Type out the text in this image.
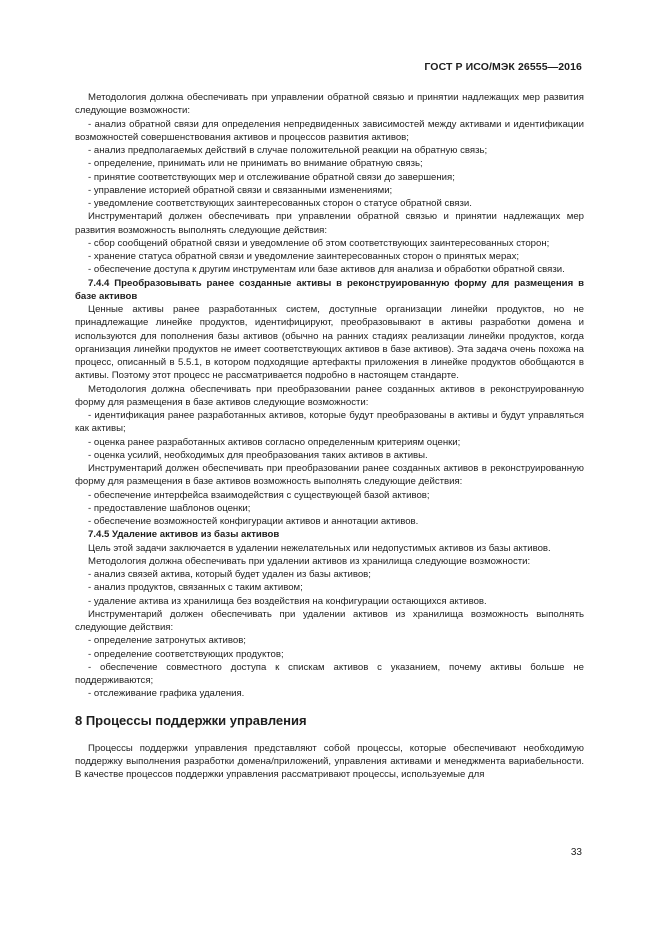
ГОСТ Р ИСО/МЭК 26555—2016

Методология должна обеспечивать при управлении обратной связью и принятии надлежащих мер развития следующие возможности:

- анализ обратной связи для определения непредвиденных зависимостей между активами и идентификации возможностей совершенствования активов и процессов развития активов;

- анализ предполагаемых действий в случае положительной реакции на обратную связь;

- определение, принимать или не принимать во внимание обратную связь;

- принятие соответствующих мер и отслеживание обратной связи до завершения;

- управление историей обратной связи и связанными изменениями;

- уведомление соответствующих заинтересованных сторон о статусе обратной связи.

Инструментарий должен обеспечивать при управлении обратной связью и принятии надлежащих мер развития возможность выполнять следующие действия:

- сбор сообщений обратной связи и уведомление об этом соответствующих заинтересованных сторон;

- хранение статуса обратной связи и уведомление заинтересованных сторон о принятых мерах;

- обеспечение доступа к другим инструментам или базе активов для анализа и обработки обратной связи.

7.4.4 Преобразовывать ранее созданные активы в реконструированную форму для размещения в базе активов

Ценные активы ранее разработанных систем, доступные организации линейки продуктов, но не принадлежащие линейке продуктов, идентифицируют, преобразовывают в активы разработки домена и используются для пополнения базы активов (обычно на ранних стадиях реализации линейки продуктов, когда организация линейки продуктов не имеет соответствующих активов в базе активов). Эта задача очень похожа на процесс, описанный в 5.5.1, в котором подходящие артефакты приложения в линейке продуктов обобщаются в активы. Поэтому этот процесс не рассматривается подробно в настоящем стандарте.

Методология должна обеспечивать при преобразовании ранее созданных активов в реконструированную форму для размещения в базе активов следующие возможности:

- идентификация ранее разработанных активов, которые будут преобразованы в активы и будут управляться как активы;

- оценка ранее разработанных активов согласно определенным критериям оценки;

- оценка усилий, необходимых для преобразования таких активов в активы.

Инструментарий должен обеспечивать при преобразовании ранее созданных активов в реконструированную форму для размещения в базе активов возможность выполнять следующие действия:

- обеспечение интерфейса взаимодействия с существующей базой активов;

- предоставление шаблонов оценки;

- обеспечение возможностей конфигурации активов и аннотации активов.

7.4.5 Удаление активов из базы активов

Цель этой задачи заключается в удалении нежелательных или недопустимых активов из базы активов.

Методология должна обеспечивать при удалении активов из хранилища следующие возможности:

- анализ связей актива, который будет удален из базы активов;

- анализ продуктов, связанных с таким активом;

- удаление актива из хранилища без воздействия на конфигурации остающихся активов.

Инструментарий должен обеспечивать при удалении активов из хранилища возможность выполнять следующие действия:

- определение затронутых активов;

- определение соответствующих продуктов;

- обеспечение совместного доступа к спискам активов с указанием, почему активы больше не поддерживаются;

- отслеживание графика удаления.

8 Процессы поддержки управления

Процессы поддержки управления представляют собой процессы, которые обеспечивают необходимую поддержку выполнения разработки домена/приложений, управления активами и менеджмента вариабельности. В качестве процессов поддержки управления рассматривают процессы, используемые для

33
